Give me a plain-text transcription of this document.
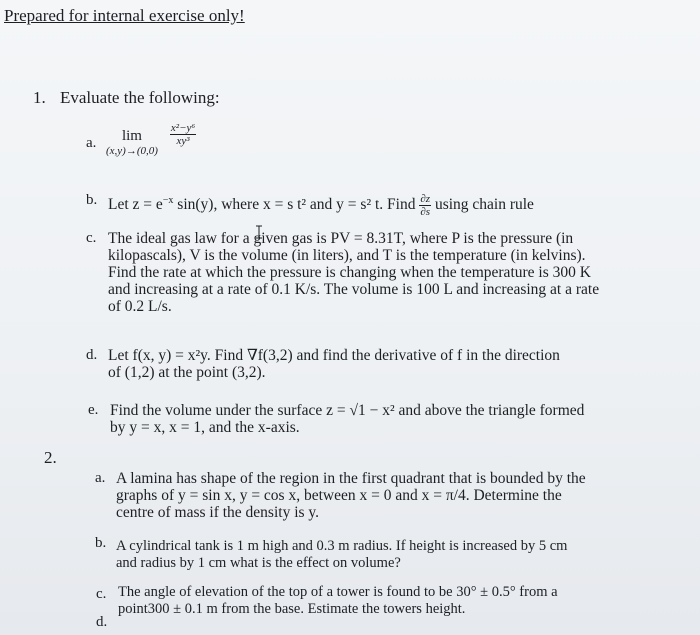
Prepared for internal exercise only!
1. Evaluate the following:
a.	lim
(x,y)→(0,0)

$\frac{\text{x²−y⁶}}{\text{xy³}}$
b. Let $z = e^{-x}$ sin(y), where x = s t² and y = s² t. Find $\frac{\partial z}{\partial s}$ using chain rule
c. The ideal gas law for a given gas is PV = 8.31T, where P is the pressure (in
kilopascals), V is the volume (in liters), and T is the temperature (in kelvins).
Find the rate at which the pressure is changing when the temperature is 300 K
and increasing at a rate of 0.1 K/s. The volume is 100 L and increasing at a rate
of 0.2 L/s.
d. Let f(x, y) = x²y. Find ∇f(3,2) and find the derivative of f in the direction
of (1,2) at the point (3,2).
e. Find the volume under the surface z = √1 − x² and above the triangle formed
by y = x, x = 1, and the x-axis.
2.
a. A lamina has shape of the region in the first quadrant that is bounded by the
graphs of y = sin x, y = cos x, between x = 0 and x = π/4. Determine the
centre of mass if the density is y.
b. A cylindrical tank is 1 m high and 0.3 m radius. If height is increased by 5 cm
and radius by 1 cm what is the effect on volume?
c. The angle of elevation of the top of a tower is found to be 30° ± 0.5° from a
point300 ± 0.1 m from the base. Estimate the towers height.
d.
